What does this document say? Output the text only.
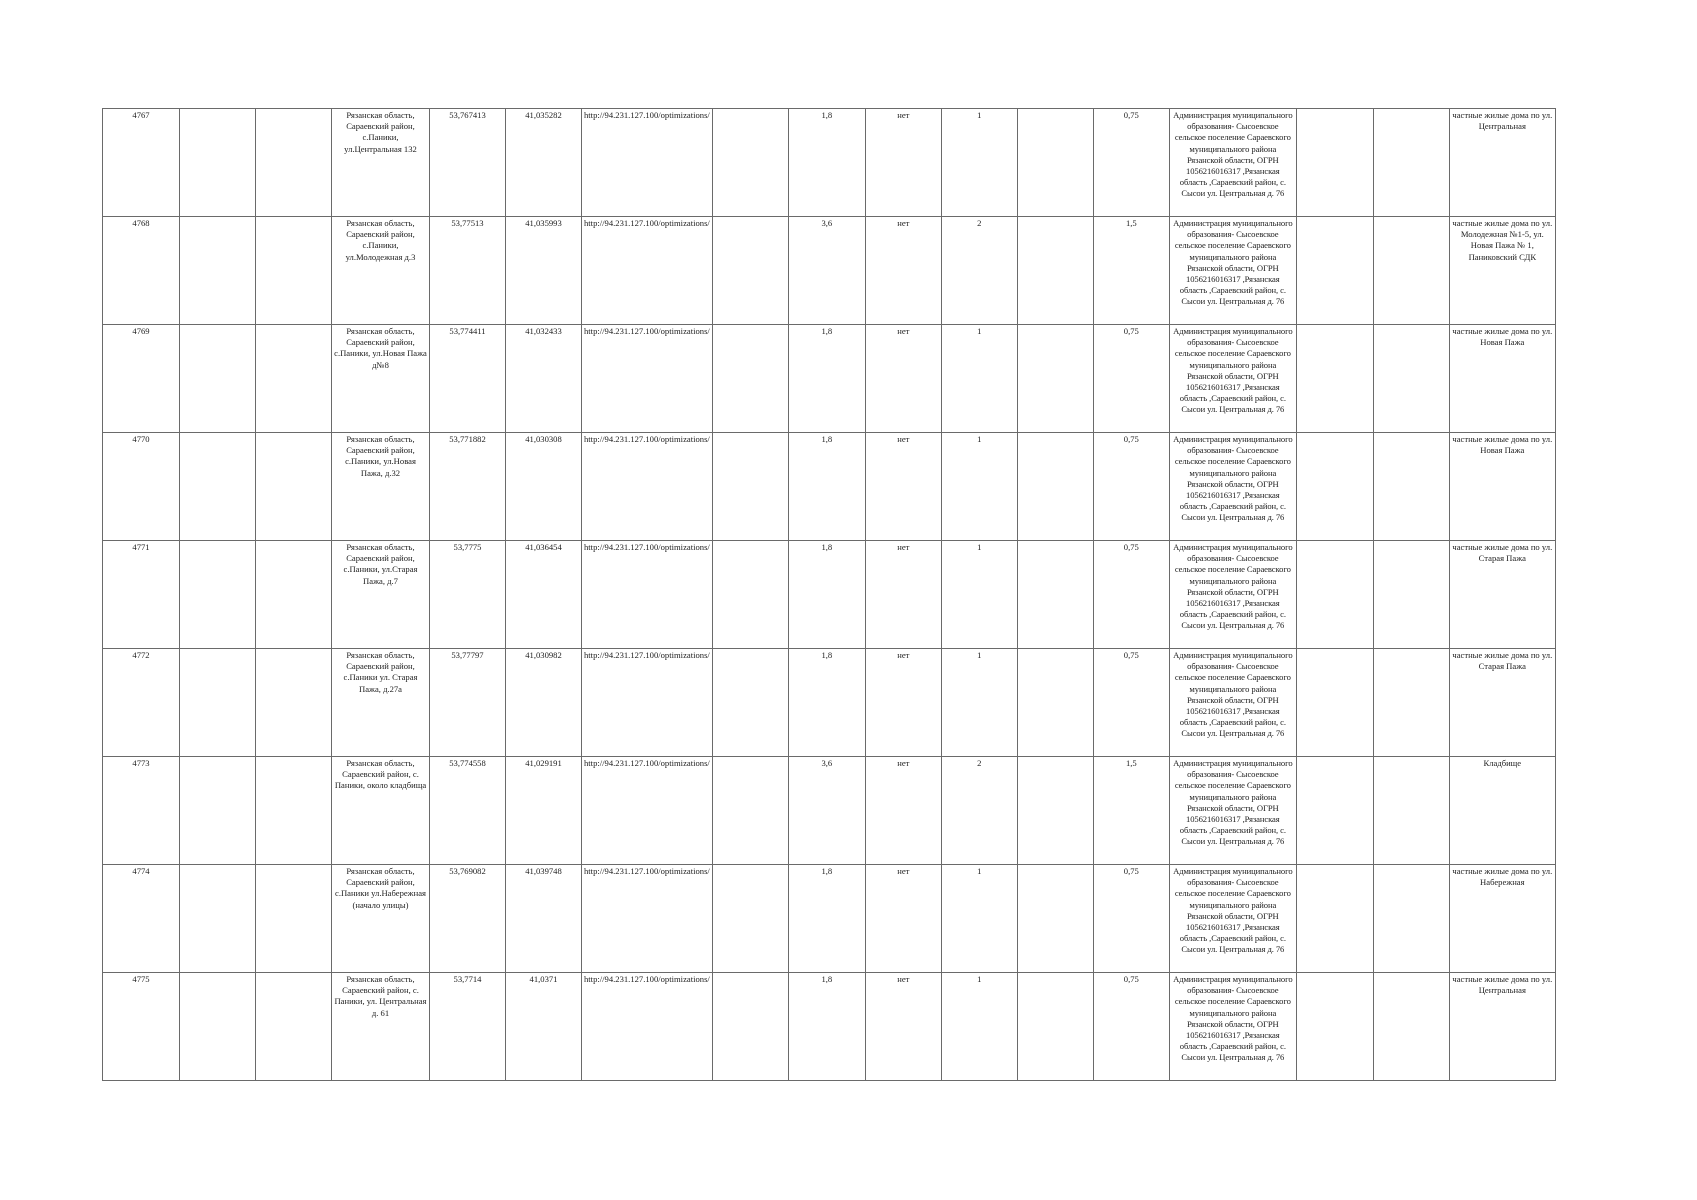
4767			Рязанская область, Сараевский район, с.Паники, ул.Центральная 132	53,767413	41,035282	http://94.231.127.100/optimizations/		1,8	нет	1		0,75	Администрация муниципального образования- Сысоевское сельское поселение Сараевского муниципального района Рязанской области, ОГРН 1056216016317 ,Рязанская область ,Сараевский район, с. Сысои ул. Центральная д. 76			частные жилые дома по ул. Центральная
4768			Рязанская область, Сараевский район, с.Паники, ул.Молодежная д.3	53,77513	41,035993	http://94.231.127.100/optimizations/		3,6	нет	2		1,5	Администрация муниципального образования- Сысоевское сельское поселение Сараевского муниципального района Рязанской области, ОГРН 1056216016317 ,Рязанская область ,Сараевский район, с. Сысои ул. Центральная д. 76			частные жилые дома по ул. Молодежная №1-5, ул. Новая Пажа № 1, Паниковский СДК
4769			Рязанская область, Сараевский район, с.Паники, ул.Новая Пажа д№8	53,774411	41,032433	http://94.231.127.100/optimizations/		1,8	нет	1		0,75	Администрация муниципального образования- Сысоевское сельское поселение Сараевского муниципального района Рязанской области, ОГРН 1056216016317 ,Рязанская область ,Сараевский район, с. Сысои ул. Центральная д. 76			частные жилые дома по ул. Новая Пажа
4770			Рязанская область, Сараевский район, с.Паники, ул.Новая Пажа, д.32	53,771882	41,030308	http://94.231.127.100/optimizations/		1,8	нет	1		0,75	Администрация муниципального образования- Сысоевское сельское поселение Сараевского муниципального района Рязанской области, ОГРН 1056216016317 ,Рязанская область ,Сараевский район, с. Сысои ул. Центральная д. 76			частные жилые дома по ул. Новая Пажа
4771			Рязанская область, Сараевский район, с.Паники, ул.Старая Пажа, д.7	53,7775	41,036454	http://94.231.127.100/optimizations/		1,8	нет	1		0,75	Администрация муниципального образования- Сысоевское сельское поселение Сараевского муниципального района Рязанской области, ОГРН 1056216016317 ,Рязанская область ,Сараевский район, с. Сысои ул. Центральная д. 76			частные жилые дома по ул. Старая Пажа
4772			Рязанская область, Сараевский район, с.Паники ул. Старая Пажа, д.27а	53,77797	41,030982	http://94.231.127.100/optimizations/		1,8	нет	1		0,75	Администрация муниципального образования- Сысоевское сельское поселение Сараевского муниципального района Рязанской области, ОГРН 1056216016317 ,Рязанская область ,Сараевский район, с. Сысои ул. Центральная д. 76			частные жилые дома по ул. Старая Пажа
4773			Рязанская область, Сараевский район, с. Паники, около кладбища	53,774558	41,029191	http://94.231.127.100/optimizations/		3,6	нет	2		1,5	Администрация муниципального образования- Сысоевское сельское поселение Сараевского муниципального района Рязанской области, ОГРН 1056216016317 ,Рязанская область ,Сараевский район, с. Сысои ул. Центральная д. 76			Кладбище
4774			Рязанская область, Сараевский район, с.Паники ул.Набережная (начало улицы)	53,769082	41,039748	http://94.231.127.100/optimizations/		1,8	нет	1		0,75	Администрация муниципального образования- Сысоевское сельское поселение Сараевского муниципального района Рязанской области, ОГРН 1056216016317 ,Рязанская область ,Сараевский район, с. Сысои ул. Центральная д. 76			частные жилые дома по ул. Набережная
4775			Рязанская область, Сараевский район, с. Паники, ул. Центральная д. 61	53,7714	41,0371	http://94.231.127.100/optimizations/		1,8	нет	1		0,75	Администрация муниципального образования- Сысоевское сельское поселение Сараевского муниципального района Рязанской области, ОГРН 1056216016317 ,Рязанская область ,Сараевский район, с. Сысои ул. Центральная д. 76			частные жилые дома по ул. Центральная
